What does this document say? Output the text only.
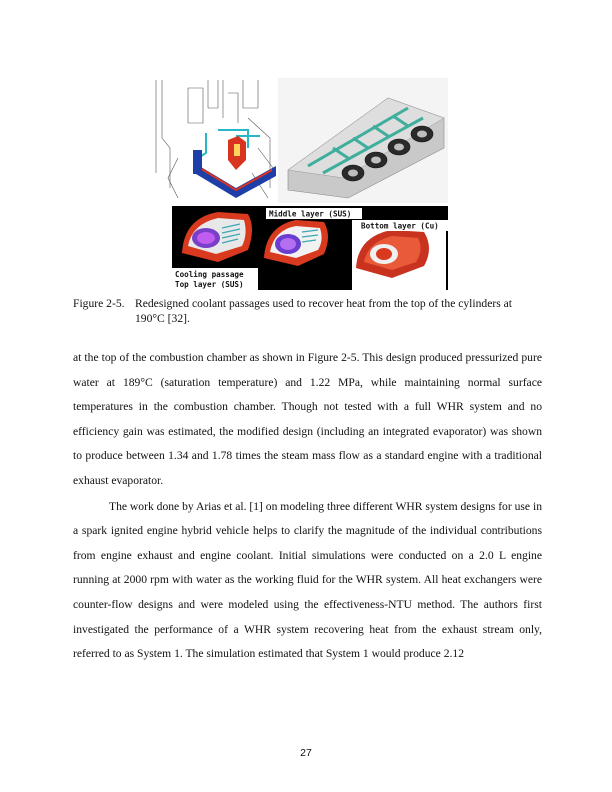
Middle layer (SUS)
Bottom layer (Cu)
Cooling passage
Top layer (SUS)
Figure 2-5. Redesigned coolant passages used to recover heat from the top of the cylinders at 190°C [32].

at the top of the combustion chamber as shown in Figure 2-5. This design produced pressurized pure water at 189°C (saturation temperature) and 1.22 MPa, while maintaining normal surface temperatures in the combustion chamber. Though not tested with a full WHR system and no efficiency gain was estimated, the modified design (including an integrated evaporator) was shown to produce between 1.34 and 1.78 times the steam mass flow as a standard engine with a traditional exhaust evaporator.

The work done by Arias et al. [1] on modeling three different WHR system designs for use in a spark ignited engine hybrid vehicle helps to clarify the magnitude of the individual contributions from engine exhaust and engine coolant. Initial simulations were conducted on a 2.0 L engine running at 2000 rpm with water as the working fluid for the WHR system. All heat exchangers were counter-flow designs and were modeled using the effectiveness-NTU method. The authors first investigated the performance of a WHR system recovering heat from the exhaust stream only, referred to as System 1. The simulation estimated that System 1 would produce 2.12

27
